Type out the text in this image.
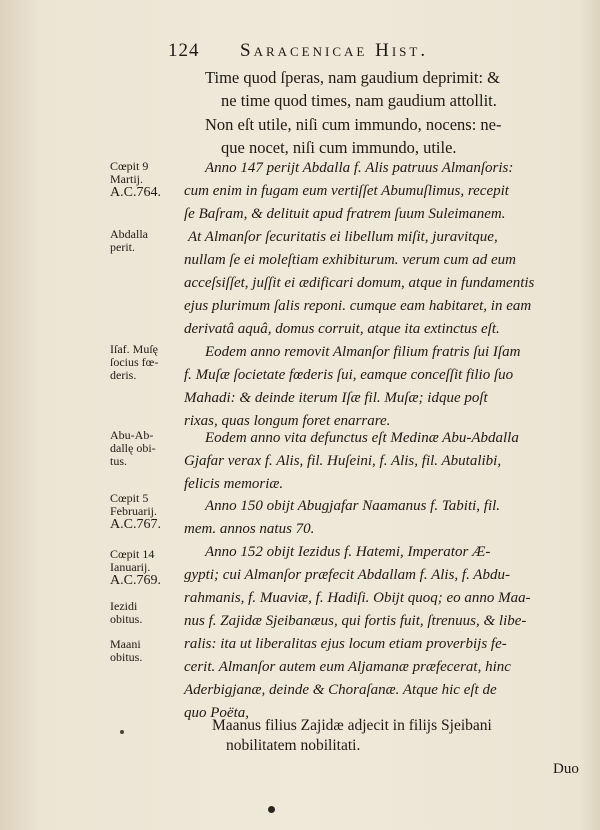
124 Saracenicae Hist.
Time quod ſperas, nam gaudium deprimit: &
ne time quod times, nam gaudium attollit.
Non eſt utile, niſi cum immundo, nocens: ne-
que nocet, niſi cum immundo, utile.
Cœpit 9
Martij.
A.C.764.
Abdalla
perit.
Iſaf. Muſę
ſocius fœ-
deris.
Abu-Ab-
dallę obi-
tus.
Cœpit 5
Februarij.
A.C.767.
Cœpit 14
Ianuarij.
A.C.769.
Iezidi
obitus.
Maani
obitus.
Anno 147 perijt Abdalla f. Alis patruus Almanſoris:
cum enim in fugam eum vertiſſet Abumuſlimus, recepit
ſe Baſram, & delituit apud fratrem ſuum Suleimanem.
At Almanſor ſecuritatis ei libellum miſit, juravitque,
nullam ſe ei moleſtiam exhibiturum. verum cum ad eum
acceſsiſſet, juſſit ei ædificari domum, atque in fundamentis
ejus plurimum ſalis reponi. cumque eam habitaret, in eam
derivatâ aquâ, domus corruit, atque ita extinctus eſt.
Eodem anno removit Almanſor filium fratris ſui Iſam
f. Muſæ ſocietate fœderis ſui, eamque conceſſit filio ſuo
Mahadi: & deinde iterum Iſæ fil. Muſæ; idque poſt
rixas, quas longum foret enarrare.
Eodem anno vita defunctus eſt Medinæ Abu-Abdalla
Gjafar verax f. Alis, fil. Huſeini, f. Alis, fil. Abutalibi,
felicis memoriæ.
Anno 150 obijt Abugjafar Naamanus f. Tabiti, fil.
mem. annos natus 70.
Anno 152 obijt Iezidus f. Hatemi, Imperator Æ-
gypti; cui Almanſor præfecit Abdallam f. Alis, f. Abdu-
rahmanis, f. Muaviæ, f. Hadiſi. Obijt quoq; eo anno Maa-
nus f. Zajidæ Sjeibanæus, qui fortis fuit, ſtrenuus, & libe-
ralis: ita ut liberalitas ejus locum etiam proverbijs fe-
cerit. Almanſor autem eum Aljamanæ præfecerat, hinc
Aderbigjanæ, deinde & Choraſanæ. Atque hic eſt de
quo Poëta,
Maanus filius Zajidæ adjecit in filijs Sjeibani
nobilitatem nobilitati.
Duo
